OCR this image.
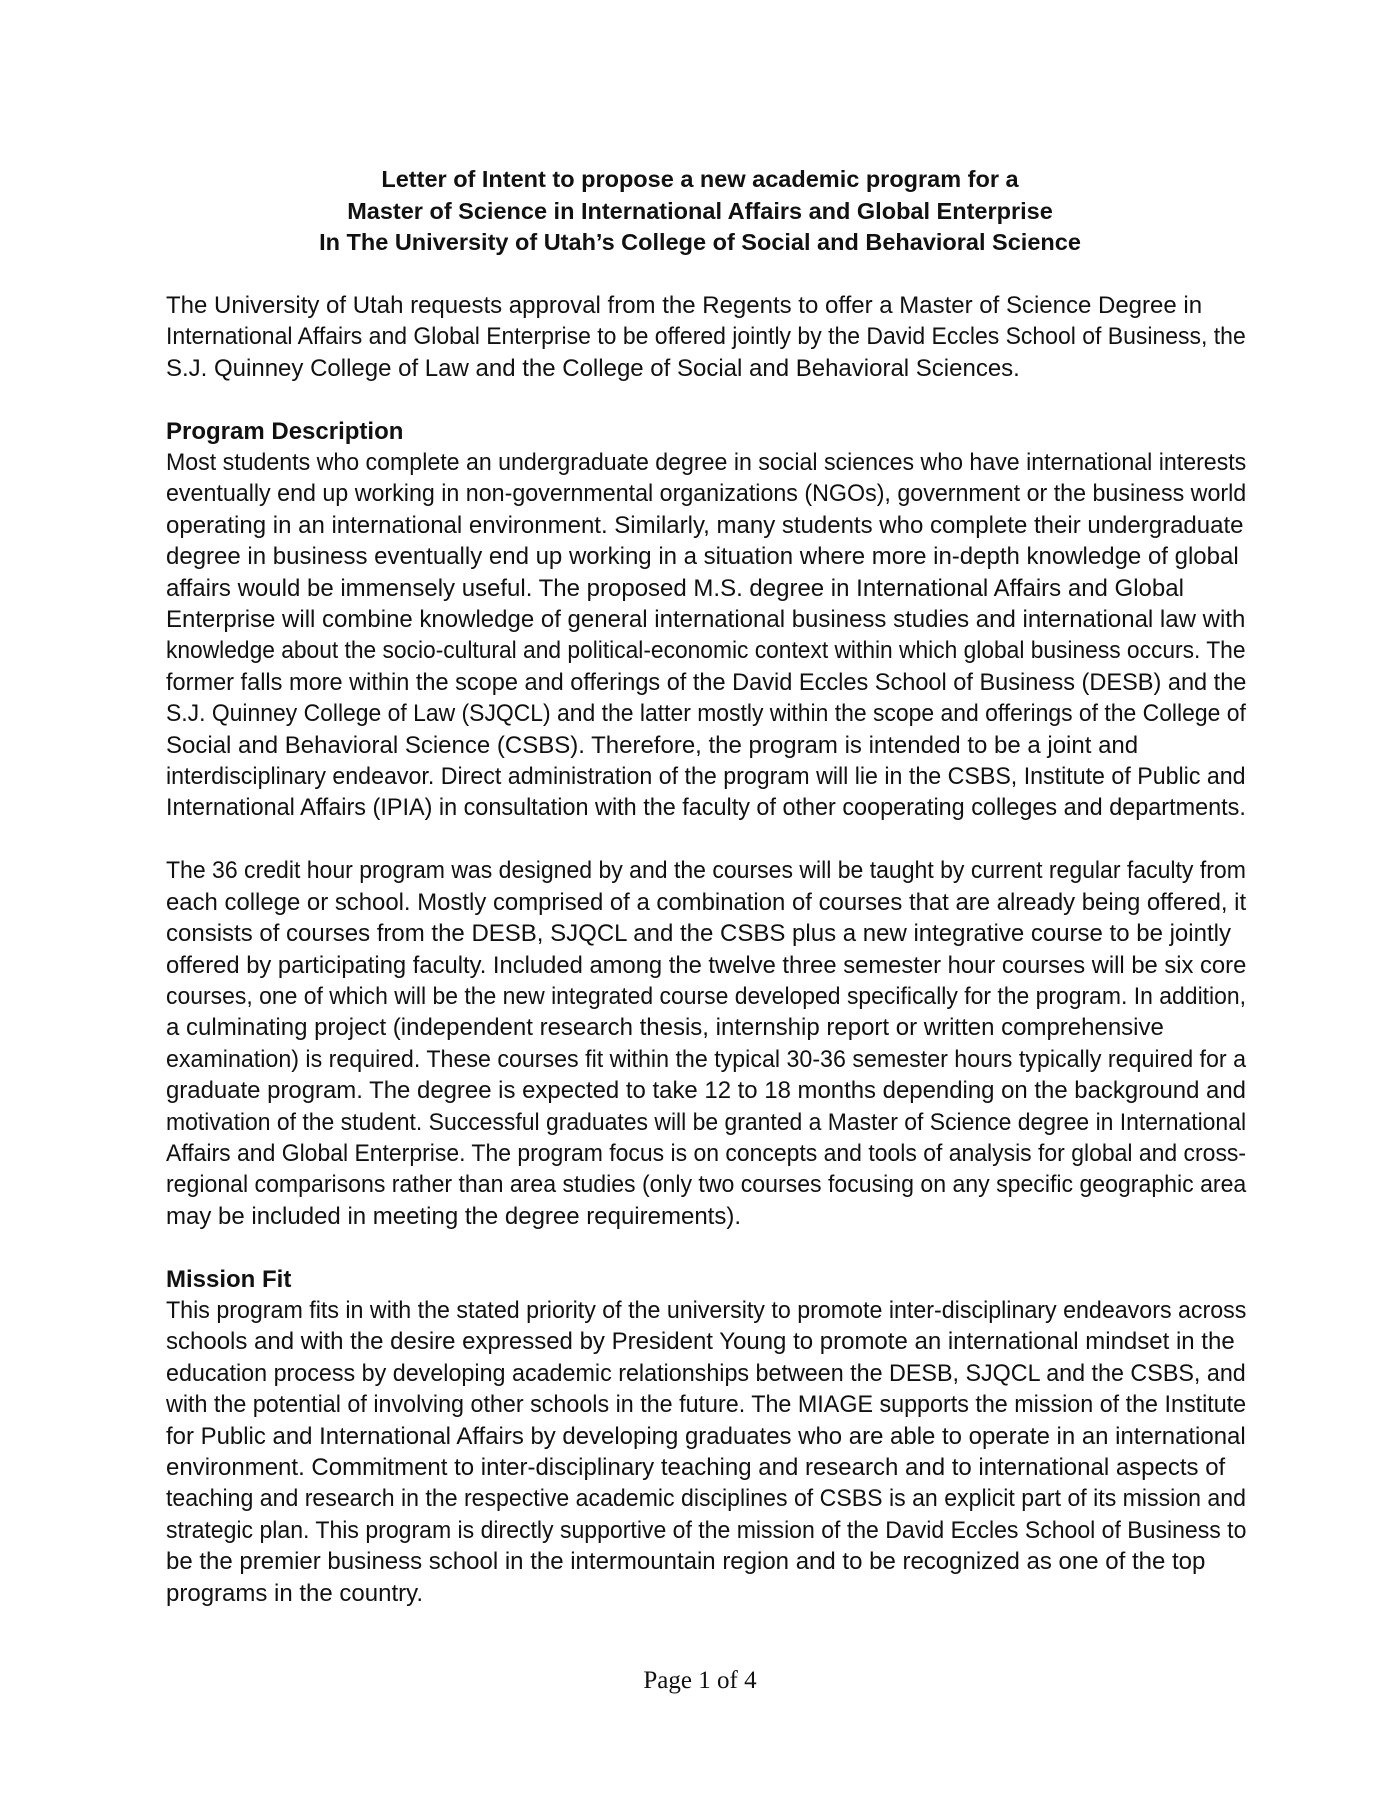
Letter of Intent to propose a new academic program for a
Master of Science in International Affairs and Global Enterprise
In The University of Utah’s College of Social and Behavioral Science
The University of Utah requests approval from the Regents to offer a Master of Science Degree in
International Affairs and Global Enterprise to be offered jointly by the David Eccles School of Business, the
S.J. Quinney College of Law and the College of Social and Behavioral Sciences.
Program Description
Most students who complete an undergraduate degree in social sciences who have international interests
eventually end up working in non-governmental organizations (NGOs), government or the business world
operating in an international environment. Similarly, many students who complete their undergraduate
degree in business eventually end up working in a situation where more in-depth knowledge of global
affairs would be immensely useful. The proposed M.S. degree in International Affairs and Global
Enterprise will combine knowledge of general international business studies and international law with
knowledge about the socio-cultural and political-economic context within which global business occurs. The
former falls more within the scope and offerings of the David Eccles School of Business (DESB) and the
S.J. Quinney College of Law (SJQCL) and the latter mostly within the scope and offerings of the College of
Social and Behavioral Science (CSBS). Therefore, the program is intended to be a joint and
interdisciplinary endeavor. Direct administration of the program will lie in the CSBS, Institute of Public and
International Affairs (IPIA) in consultation with the faculty of other cooperating colleges and departments.
The 36 credit hour program was designed by and the courses will be taught by current regular faculty from
each college or school. Mostly comprised of a combination of courses that are already being offered, it
consists of courses from the DESB, SJQCL and the CSBS plus a new integrative course to be jointly
offered by participating faculty. Included among the twelve three semester hour courses will be six core
courses, one of which will be the new integrated course developed specifically for the program. In addition,
a culminating project (independent research thesis, internship report or written comprehensive
examination) is required. These courses fit within the typical 30-36 semester hours typically required for a
graduate program. The degree is expected to take 12 to 18 months depending on the background and
motivation of the student. Successful graduates will be granted a Master of Science degree in International
Affairs and Global Enterprise. The program focus is on concepts and tools of analysis for global and cross-
regional comparisons rather than area studies (only two courses focusing on any specific geographic area
may be included in meeting the degree requirements).
Mission Fit
This program fits in with the stated priority of the university to promote inter-disciplinary endeavors across
schools and with the desire expressed by President Young to promote an international mindset in the
education process by developing academic relationships between the DESB, SJQCL and the CSBS, and
with the potential of involving other schools in the future. The MIAGE supports the mission of the Institute
for Public and International Affairs by developing graduates who are able to operate in an international
environment. Commitment to inter-disciplinary teaching and research and to international aspects of
teaching and research in the respective academic disciplines of CSBS is an explicit part of its mission and
strategic plan. This program is directly supportive of the mission of the David Eccles School of Business to
be the premier business school in the intermountain region and to be recognized as one of the top
programs in the country.
Page 1 of 4
